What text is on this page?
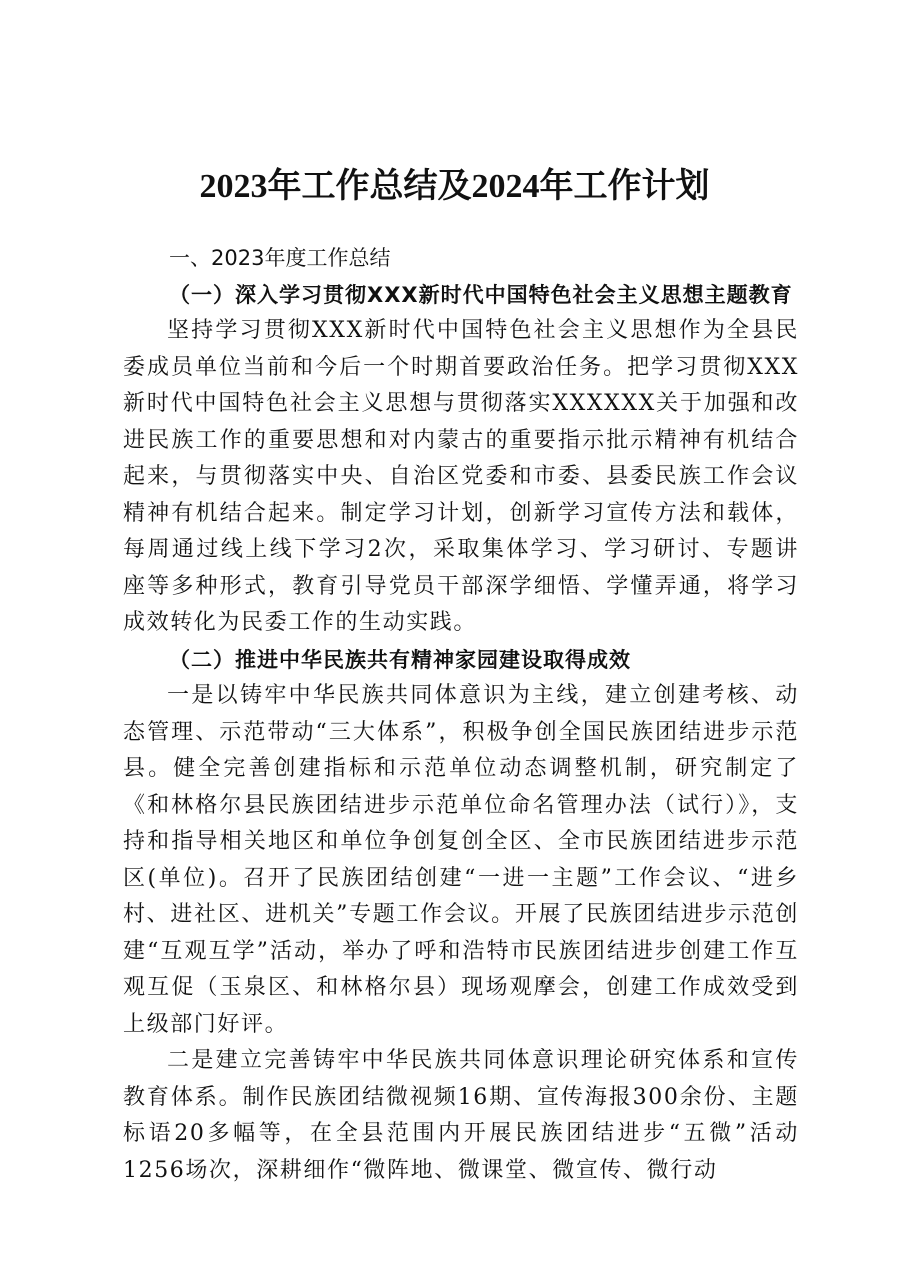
2023年工作总结及2024年工作计划

一、2023年度工作总结

（一）深入学习贯彻XXX新时代中国特色社会主义思想主题教育

坚持学习贯彻XXX新时代中国特色社会主义思想作为全县民委成员单位当前和今后一个时期首要政治任务。把学习贯彻XXX新时代中国特色社会主义思想与贯彻落实XXXXXX关于加强和改进民族工作的重要思想和对内蒙古的重要指示批示精神有机结合起来，与贯彻落实中央、自治区党委和市委、县委民族工作会议精神有机结合起来。制定学习计划，创新学习宣传方法和载体，每周通过线上线下学习2次，采取集体学习、学习研讨、专题讲座等多种形式，教育引导党员干部深学细悟、学懂弄通，将学习成效转化为民委工作的生动实践。

（二）推进中华民族共有精神家园建设取得成效

一是以铸牢中华民族共同体意识为主线，建立创建考核、动态管理、示范带动“三大体系”，积极争创全国民族团结进步示范县。健全完善创建指标和示范单位动态调整机制，研究制定了《和林格尔县民族团结进步示范单位命名管理办法（试行）》，支持和指导相关地区和单位争创复创全区、全市民族团结进步示范区(单位)。召开了民族团结创建“一进一主题”工作会议、“进乡村、进社区、进机关”专题工作会议。开展了民族团结进步示范创建“互观互学”活动，举办了呼和浩特市民族团结进步创建工作互观互促（玉泉区、和林格尔县）现场观摩会，创建工作成效受到上级部门好评。

二是建立完善铸牢中华民族共同体意识理论研究体系和宣传教育体系。制作民族团结微视频16期、宣传海报300余份、主题标语20多幅等，在全县范围内开展民族团结进步“五微”活动1256场次，深耕细作“微阵地、微课堂、微宣传、微行动
